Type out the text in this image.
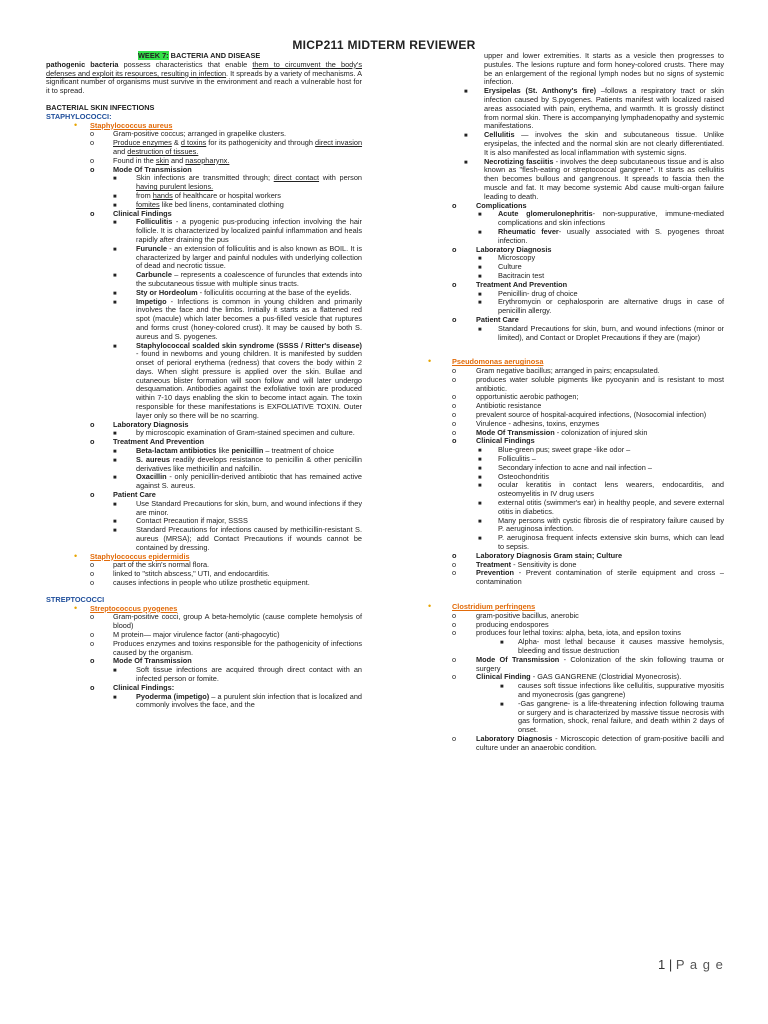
MICP211 MIDTERM REVIEWER

WEEK 7: BACTERIA AND DISEASE

pathogenic bacteria possess characteristics that enable them to circumvent the body's defenses and exploit its resources, resulting in infection. It spreads by a variety of mechanisms. A significant number of organisms must survive in the environment and reach a vulnerable host for it to spread.

BACTERIAL SKIN INFECTIONS

STAPHYLOCOCCI:

• Staphylococcus aureus
o	Gram-positive coccus; arranged in grapelike clusters.
o	Produce enzymes & d toxins for its pathogenicity and through direct invasion and destruction of tissues.
o	Found in the skin and nasopharynx.
o	Mode Of Transmission
■	Skin infections are transmitted through; direct contact with person having purulent lesions.
■	from hands of healthcare or hospital workers
■	fomites like bed linens, contaminated clothing
o	Clinical Findings
■	Folliculitis - a pyogenic pus-producing infection involving the hair follicle. It is characterized by localized painful inflammation and heals rapidly after draining the pus
■	Furuncle - an extension of folliculitis and is also known as BOIL. It is characterized by larger and painful nodules with underlying collection of dead and necrotic tissue.
■	Carbuncle – represents a coalescence of furuncles that extends into the subcutaneous tissue with multiple sinus tracts.
■	Sty or Hordeolum - folliculitis occurring at the base of the eyelids.
■	Impetigo - Infections is common in young children and primarily involves the face and the limbs. Initially it starts as a flattened red spot (macule) which later becomes a pus-filled vesicle that ruptures and forms crust (honey-colored crust). It may be caused by both S. aureus and S. pyogenes.
■	Staphylococcal scalded skin syndrome (SSSS / Ritter's disease) - found in newborns and young children. It is manifested by sudden onset of perioral erythema (redness) that covers the body within 2 days. When slight pressure is applied over the skin. Bullae and cutaneous blister formation will soon follow and will later undergo desquamation. Antibodies against the exfoliative toxin are produced within 7-10 days enabling the skin to become intact again. The toxin responsible for these manifestations is EXFOLIATIVE TOXIN. Outer layer only so there will be no scarring.
o	Laboratory Diagnosis
■	by microscopic examination of Gram-stained specimen and culture.
o	Treatment And Prevention
■	Beta-lactam antibiotics like penicillin – treatment of choice
■	S. aureus readily develops resistance to penicillin & other penicillin derivatives like methicillin and nafcillin.
■	Oxacillin - only penicillin-derived antibiotic that has remained active against S. aureus.
o	Patient Care
■	Use Standard Precautions for skin, burn, and wound infections if they are minor.
■	Contact Precaution if major, SSSS
■	Standard Precautions for infections caused by methicillin-resistant S. aureus (MRSA); add Contact Precautions if wounds cannot be contained by dressing.
• Staphylococcus epidermidis
o	part of the skin's normal flora.
o	linked to "stitch abscess," UTI, and endocarditis.
o	causes infections in people who utilize prosthetic equipment.

STREPTOCOCCI

• Streptococcus pyogenes
o	Gram-positive cocci, group A beta-hemolytic (cause complete hemolysis of blood)
o	M protein— major virulence factor (anti-phagocytic)
o	Produces enzymes and toxins responsible for the pathogenicity of infections caused by the organism.
o	Mode Of Transmission
■	Soft tissue infections are acquired through direct contact with an infected person or fomite.
o	Clinical Findings:
■	Pyoderma (impetigo) – a purulent skin infection that is localized and commonly involves the face, and the
upper and lower extremities. It starts as a vesicle then progresses to pustules. The lesions rupture and form honey-colored crusts. There may be an enlargement of the regional lymph nodes but no signs of systemic infection.
■ Erysipelas (St. Anthony's fire) –follows a respiratory tract or skin infection caused by S.pyogenes. Patients manifest with localized raised areas associated with pain, erythema, and warmth. It is grossly distinct from normal skin. There is accompanying lymphadenopathy and systemic manifestations.
■ Cellulitis — involves the skin and subcutaneous tissue. Unlike erysipelas, the infected and the normal skin are not clearly differentiated. It is also manifested as local inflammation with systemic signs.
■ Necrotizing fasciitis - involves the deep subcutaneous tissue and is also known as "flesh-eating or streptococcal gangrene". It starts as cellulitis then becomes bullous and gangrenous. It spreads to fascia then the muscle and fat. It may become systemic Abd cause multi-organ failure leading to death.
o	Complications
■ Acute glomerulonephritis- non-suppurative, immune-mediated complications and skin infections
■ Rheumatic fever- usually associated with S. pyogenes throat infection.
o	Laboratory Diagnosis
■ Microscopy
■ Culture
■ Bacitracin test
o	Treatment And Prevention
■ Penicillin- drug of choice
■ Erythromycin or cephalosporin are alternative drugs in case of penicillin allergy.
o	Patient Care
■ Standard Precautions for skin, burn, and wound infections (minor or limited), and Contact or Droplet Precautions if they are (major)
•	Pseudomonas aeruginosa
o	Gram negative bacillus; arranged in pairs; encapsulated.
o	produces water soluble pigments like pyocyanin and is resistant to most antibiotic.
o	opportunistic aerobic pathogen;
o	Antibiotic resistance
o	prevalent source of hospital-acquired infections, (Nosocomial infection)
o	Virulence - adhesins, toxins, enzymes
o	Mode Of Transmission - colonization of injured skin
o	Clinical Findings
■ Blue-green pus; sweet grape -like odor –
■ Folliculitis –
■ Secondary infection to acne and nail infection –
■ Osteochondritis
■ ocular keratitis in contact lens wearers, endocarditis, and osteomyelitis in IV drug users
■ external otitis (swimmer's ear) in healthy people, and severe external otitis in diabetics.
■ Many persons with cystic fibrosis die of respiratory failure caused by P. aeruginosa infection.
■ P. aeruginosa frequent infects extensive skin burns, which can lead to sepsis.
o	Laboratory Diagnosis Gram stain; Culture
o	Treatment - Sensitivity is done
o	Prevention - Prevent contamination of sterile equipment and cross – contamination
•	Clostridium perfringens
o	gram-positive bacillus, anerobic
o	producing endospores
o	produces four lethal toxins: alpha, beta, iota, and epsilon toxins
■ Alpha- most lethal because it causes massive hemolysis, bleeding and tissue destruction
o	Mode Of Transmission - Colonization of the skin following trauma or surgery
o	Clinical Finding - GAS GANGRENE (Clostridial Myonecrosis).
■ causes soft tissue infections like cellulitis, suppurative myositis and myonecrosis (gas gangrene)
■ -Gas gangrene- is a life-threatening infection following trauma or surgery and is characterized by massive tissue necrosis with gas formation, shock, renal failure, and death within 2 days of onset.
o	Laboratory Diagnosis - Microscopic detection of gram-positive bacilli and culture under an anaerobic condition.
1 | P a g e
